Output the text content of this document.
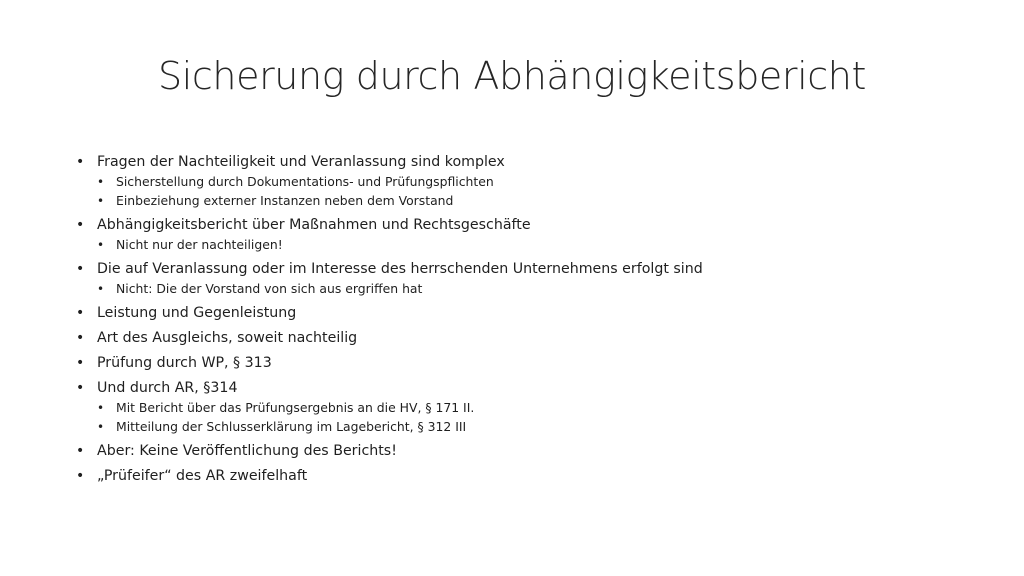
Sicherung durch Abhängigkeitsbericht
• Fragen der Nachteiligkeit und Veranlassung sind komplex
• Sicherstellung durch Dokumentations- und Prüfungspflichten
• Einbeziehung externer Instanzen neben dem Vorstand
• Abhängigkeitsbericht über Maßnahmen und Rechtsgeschäfte
• Nicht nur der nachteiligen!
• Die auf Veranlassung oder im Interesse des herrschenden Unternehmens erfolgt sind
• Nicht: Die der Vorstand von sich aus ergriffen hat
• Leistung und Gegenleistung
• Art des Ausgleichs, soweit nachteilig
• Prüfung durch WP, § 313
• Und durch AR, §314
• Mit Bericht über das Prüfungsergebnis an die HV, § 171 II.
• Mitteilung der Schlusserklärung im Lagebericht, § 312 III
• Aber: Keine Veröffentlichung des Berichts!
• „Prüfeifer“ des AR zweifelhaft
